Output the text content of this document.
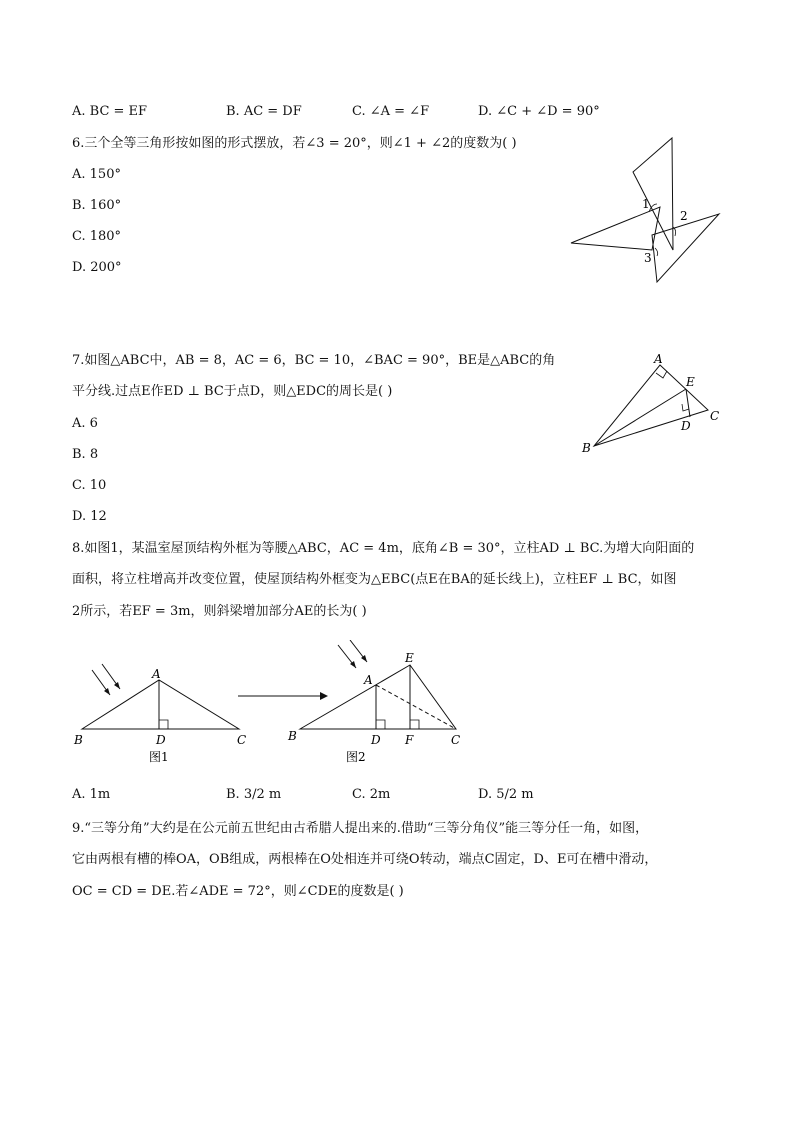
A. BC = EF	B. AC = DF	C. ∠A = ∠F	D. ∠C + ∠D = 90°
6.三个全等三角形按如图的形式摆放，若∠3 = 20°，则∠1 + ∠2的度数为( )
A. 150°
B. 160°
C. 180°
D. 200°
1
2
3
7.如图△ABC中，AB = 8，AC = 6，BC = 10，∠BAC = 90°，BE是△ABC的角
平分线.过点E作ED ⊥ BC于点D，则△EDC的周长是( )
A. 6
B. 8
C. 10
D. 12
A
E
C
D
B
8.如图1，某温室屋顶结构外框为等腰△ABC，AC = 4m，底角∠B = 30°，立柱AD ⊥ BC.为增大向阳面的
面积，将立柱增高并改变位置，使屋顶结构外框变为△EBC(点E在BA的延长线上)，立柱EF ⊥ BC，如图
2所示，若EF = 3m，则斜梁增加部分AE的长为( )
A
B	D	C
图1
E
A
B	D F	C
图2
A. 1m	B. 3/2 m	C. 2m	D. 5/2 m
9.“三等分角”大约是在公元前五世纪由古希腊人提出来的.借助“三等分角仪”能三等分任一角，如图，
它由两根有槽的棒OA，OB组成，两根棒在O处相连并可绕O转动，端点C固定，D、E可在槽中滑动，
OC = CD = DE.若∠ADE = 72°，则∠CDE的度数是( )
